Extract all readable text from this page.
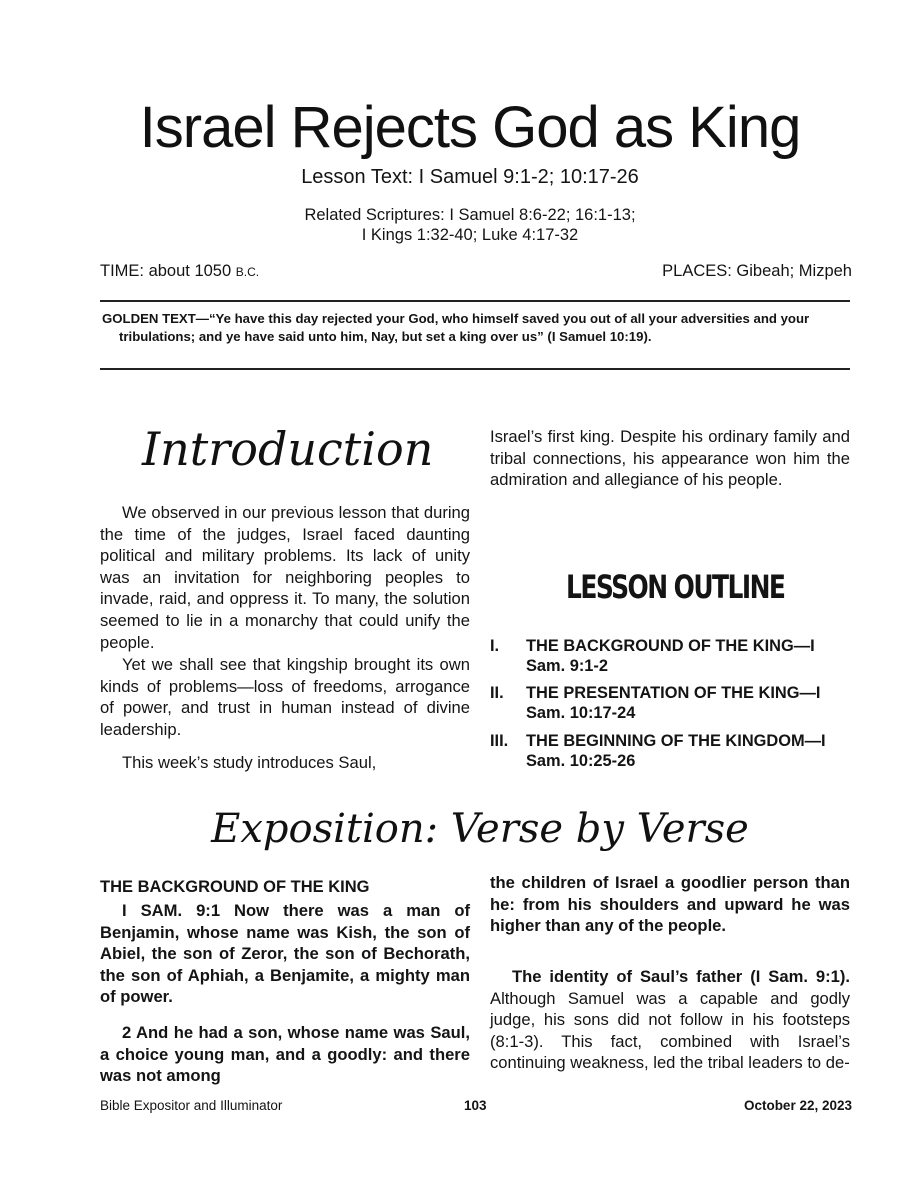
Israel Rejects God as King
Lesson Text: I Samuel 9:1-2; 10:17-26
Related Scriptures: I Samuel 8:6-22; 16:1-13;
I Kings 1:32-40; Luke 4:17-32
TIME: about 1050 B.C.	PLACES: Gibeah; Mizpeh
GOLDEN TEXT—“Ye have this day rejected your God, who himself saved you out of all your adversities and your tribulations; and ye have said unto him, Nay, but set a king over us” (I Samuel 10:19).
Introduction
We observed in our previous lesson that during the time of the judges, Israel faced daunting political and military problems. Its lack of unity was an invitation for neighboring peoples to invade, raid, and oppress it. To many, the solution seemed to lie in a monarchy that could unify the people.
Yet we shall see that kingship brought its own kinds of problems—loss of freedoms, arrogance of power, and trust in human instead of divine leadership.
This week’s study introduces Saul,
Israel’s first king. Despite his ordinary family and tribal connections, his appearance won him the admiration and allegiance of his people.
LESSON OUTLINE
I. THE BACKGROUND OF THE KING—I Sam. 9:1-2
II. THE PRESENTATION OF THE KING—I Sam. 10:17-24
III. THE BEGINNING OF THE KINGDOM—I Sam. 10:25-26
Exposition: Verse by Verse
THE BACKGROUND OF THE KING
I SAM. 9:1 Now there was a man of Benjamin, whose name was Kish, the son of Abiel, the son of Zeror, the son of Bechorath, the son of Aphiah, a Benjamite, a mighty man of power.
2 And he had a son, whose name was Saul, a choice young man, and a goodly: and there was not among
the children of Israel a goodlier person than he: from his shoulders and upward he was higher than any of the people.
The identity of Saul’s father (I Sam. 9:1). Although Samuel was a capable and godly judge, his sons did not follow in his footsteps (8:1-3). This fact, combined with Israel’s continuing weakness, led the tribal leaders to de-
Bible Expositor and Illuminator	103	October 22, 2023
